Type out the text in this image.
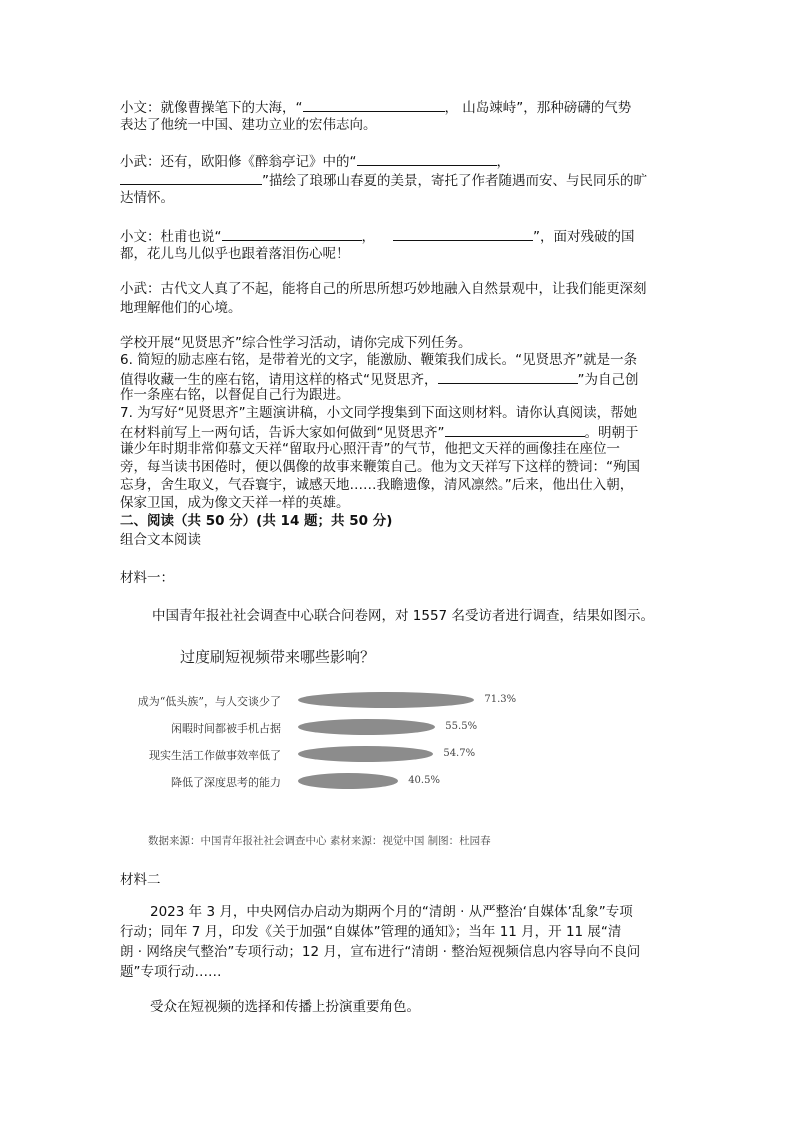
小文：就像曹操笔下的大海，“	， 山岛竦峙”，那种磅礴的气势
表达了他统一中国、建功立业的宏伟志向。
小武：还有，欧阳修《醉翁亭记》中的“	，
”描绘了琅琊山春夏的美景，寄托了作者随遇而安、与民同乐的旷
达情怀。
小文：杜甫也说“	，	”，面对残破的国
都，花儿鸟儿似乎也跟着落泪伤心呢！
小武：古代文人真了不起，能将自己的所思所想巧妙地融入自然景观中，让我们能更深刻
地理解他们的心境。
学校开展“见贤思齐”综合性学习活动，请你完成下列任务。
6. 简短的励志座右铭，是带着光的文字，能激励、鞭策我们成长。“见贤思齐”就是一条
值得收藏一生的座右铭，请用这样的格式“见贤思齐，	”为自己创
作一条座右铭，以督促自己行为跟进。
7. 为写好“见贤思齐”主题演讲稿，小文同学搜集到下面这则材料。请你认真阅读，帮她
在材料前写上一两句话，告诉大家如何做到“见贤思齐”	。明朝于
谦少年时期非常仰慕文天祥“留取丹心照汗青”的气节，他把文天祥的画像挂在座位一
旁，每当读书困倦时，便以偶像的故事来鞭策自己。他为文天祥写下这样的赞词：“殉国
忘身，舍生取义，气吞寰宇，诚感天地……我瞻遗像，清风凛然。”后来，他出仕入朝，
保家卫国，成为像文天祥一样的英雄。
二、阅读（共 50 分）(共 14 题；共 50 分)
组合文本阅读
材料一：
中国青年报社社会调查中心联合问卷网，对 1557 名受访者进行调查，结果如图示。
过度刷短视频带来哪些影响？
成为“低头族”，与人交谈少了	71.3%
闲暇时间都被手机占据	55.5%
现实生活工作做事效率低了	54.7%
降低了深度思考的能力	40.5%
数据来源：中国青年报社社会调查中心 素材来源：视觉中国 制图：杜园春
材料二
2023 年 3 月，中央网信办启动为期两个月的“清朗 · 从严整治‘自媒体’乱象”专项
行动；同年 7 月，印发《关于加强“自媒体”管理的通知》；当年 11 月，开 11 展“清
朗 · 网络戾气整治”专项行动；12 月，宣布进行“清朗 · 整治短视频信息内容导向不良问
题”专项行动……
受众在短视频的选择和传播上扮演重要角色。
